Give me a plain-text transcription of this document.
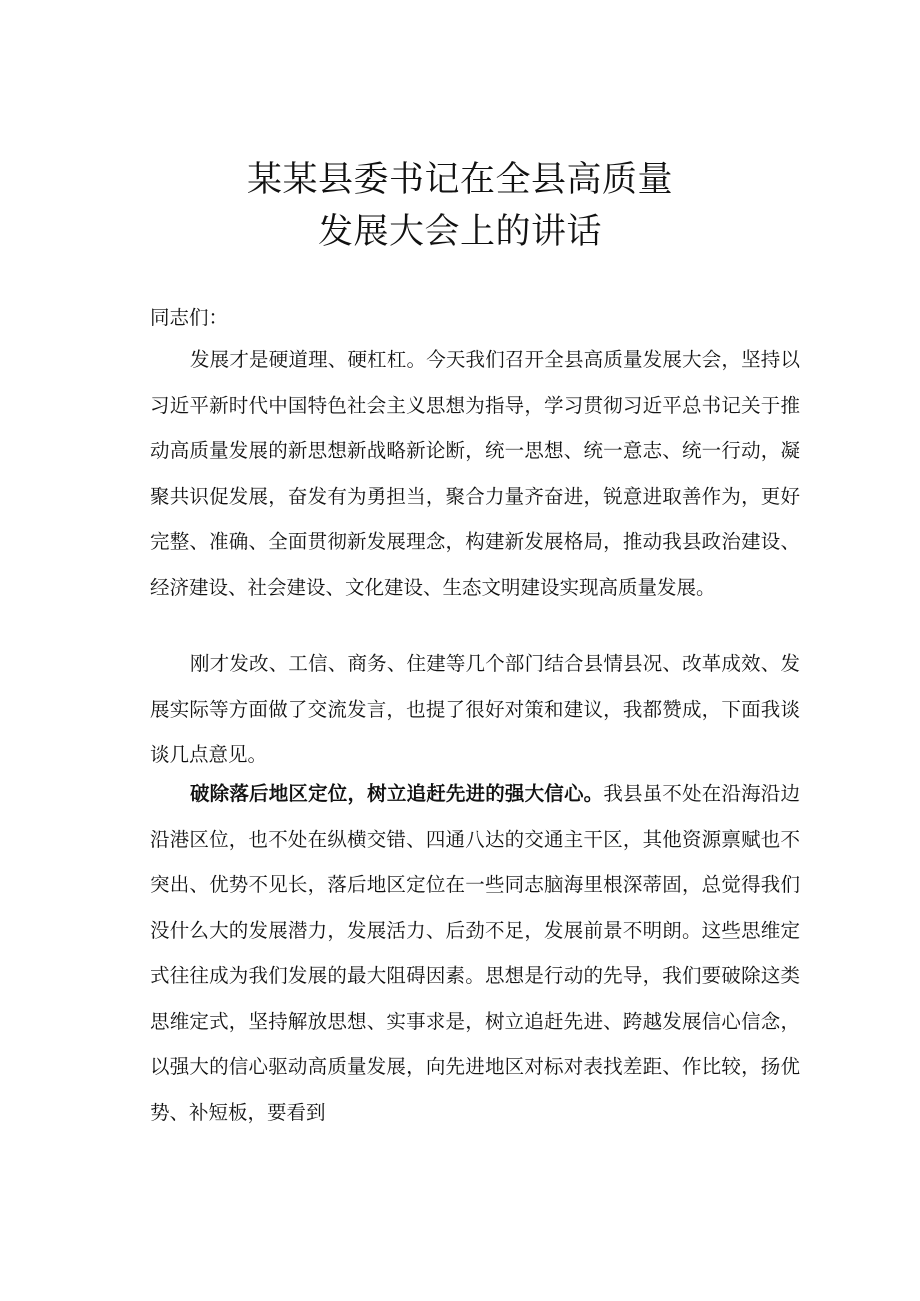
某某县委书记在全县高质量
发展大会上的讲话
同志们：
发展才是硬道理、硬杠杠。今天我们召开全县高质量发展大会，坚持以习近平新时代中国特色社会主义思想为指导，学习贯彻习近平总书记关于推动高质量发展的新思想新战略新论断，统一思想、统一意志、统一行动，凝聚共识促发展，奋发有为勇担当，聚合力量齐奋进，锐意进取善作为，更好完整、准确、全面贯彻新发展理念，构建新发展格局，推动我县政治建设、经济建设、社会建设、文化建设、生态文明建设实现高质量发展。
刚才发改、工信、商务、住建等几个部门结合县情县况、改革成效、发展实际等方面做了交流发言，也提了很好对策和建议，我都赞成，下面我谈谈几点意见。
破除落后地区定位，树立追赶先进的强大信心。我县虽不处在沿海沿边沿港区位，也不处在纵横交错、四通八达的交通主干区，其他资源禀赋也不突出、优势不见长，落后地区定位在一些同志脑海里根深蒂固，总觉得我们没什么大的发展潜力，发展活力、后劲不足，发展前景不明朗。这些思维定式往往成为我们发展的最大阻碍因素。思想是行动的先导，我们要破除这类思维定式，坚持解放思想、实事求是，树立追赶先进、跨越发展信心信念，以强大的信心驱动高质量发展，向先进地区对标对表找差距、作比较，扬优势、补短板，要看到
